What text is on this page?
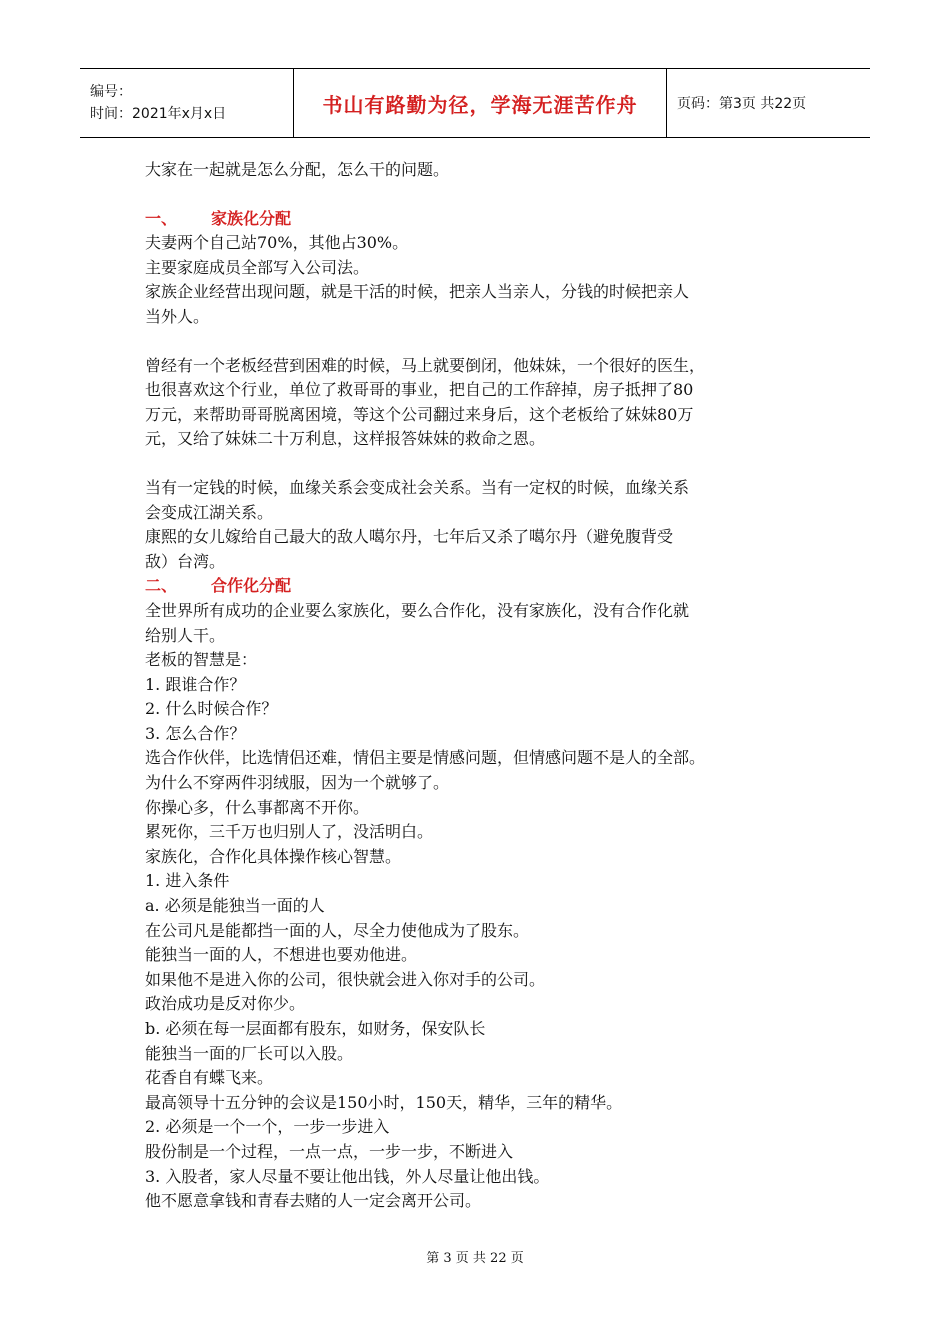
编号：
时间：2021年x月x日	书山有路勤为径，学海无涯苦作舟	页码：第3页 共22页

大家在一起就是怎么分配，怎么干的问题。

一、 家族化分配

夫妻两个自己站70%，其他占30%。

主要家庭成员全部写入公司法。

家族企业经营出现问题，就是干活的时候，把亲人当亲人，分钱的时候把亲人

当外人。

曾经有一个老板经营到困难的时候，马上就要倒闭，他妹妹，一个很好的医生，

也很喜欢这个行业，单位了救哥哥的事业，把自己的工作辞掉，房子抵押了80

万元，来帮助哥哥脱离困境，等这个公司翻过来身后，这个老板给了妹妹80万

元，又给了妹妹二十万利息，这样报答妹妹的救命之恩。

当有一定钱的时候，血缘关系会变成社会关系。当有一定权的时候，血缘关系

会变成江湖关系。

康熙的女儿嫁给自己最大的敌人噶尔丹，七年后又杀了噶尔丹（避免腹背受

敌）台湾。

二、 合作化分配

全世界所有成功的企业要么家族化，要么合作化，没有家族化，没有合作化就

给别人干。

老板的智慧是：

1. 跟谁合作？

2. 什么时候合作？

3. 怎么合作？

选合作伙伴，比选情侣还难，情侣主要是情感问题，但情感问题不是人的全部。

为什么不穿两件羽绒服，因为一个就够了。

你操心多，什么事都离不开你。

累死你，三千万也归别人了，没活明白。

家族化，合作化具体操作核心智慧。

1. 进入条件

a. 必须是能独当一面的人

在公司凡是能都挡一面的人，尽全力使他成为了股东。

能独当一面的人，不想进也要劝他进。

如果他不是进入你的公司，很快就会进入你对手的公司。

政治成功是反对你少。

b. 必须在每一层面都有股东，如财务，保安队长

能独当一面的厂长可以入股。

花香自有蝶飞来。

最高领导十五分钟的会议是150小时，150天，精华，三年的精华。

2. 必须是一个一个，一步一步进入

股份制是一个过程，一点一点，一步一步，不断进入

3. 入股者，家人尽量不要让他出钱，外人尽量让他出钱。

他不愿意拿钱和青春去赌的人一定会离开公司。

第 3 页 共 22 页
